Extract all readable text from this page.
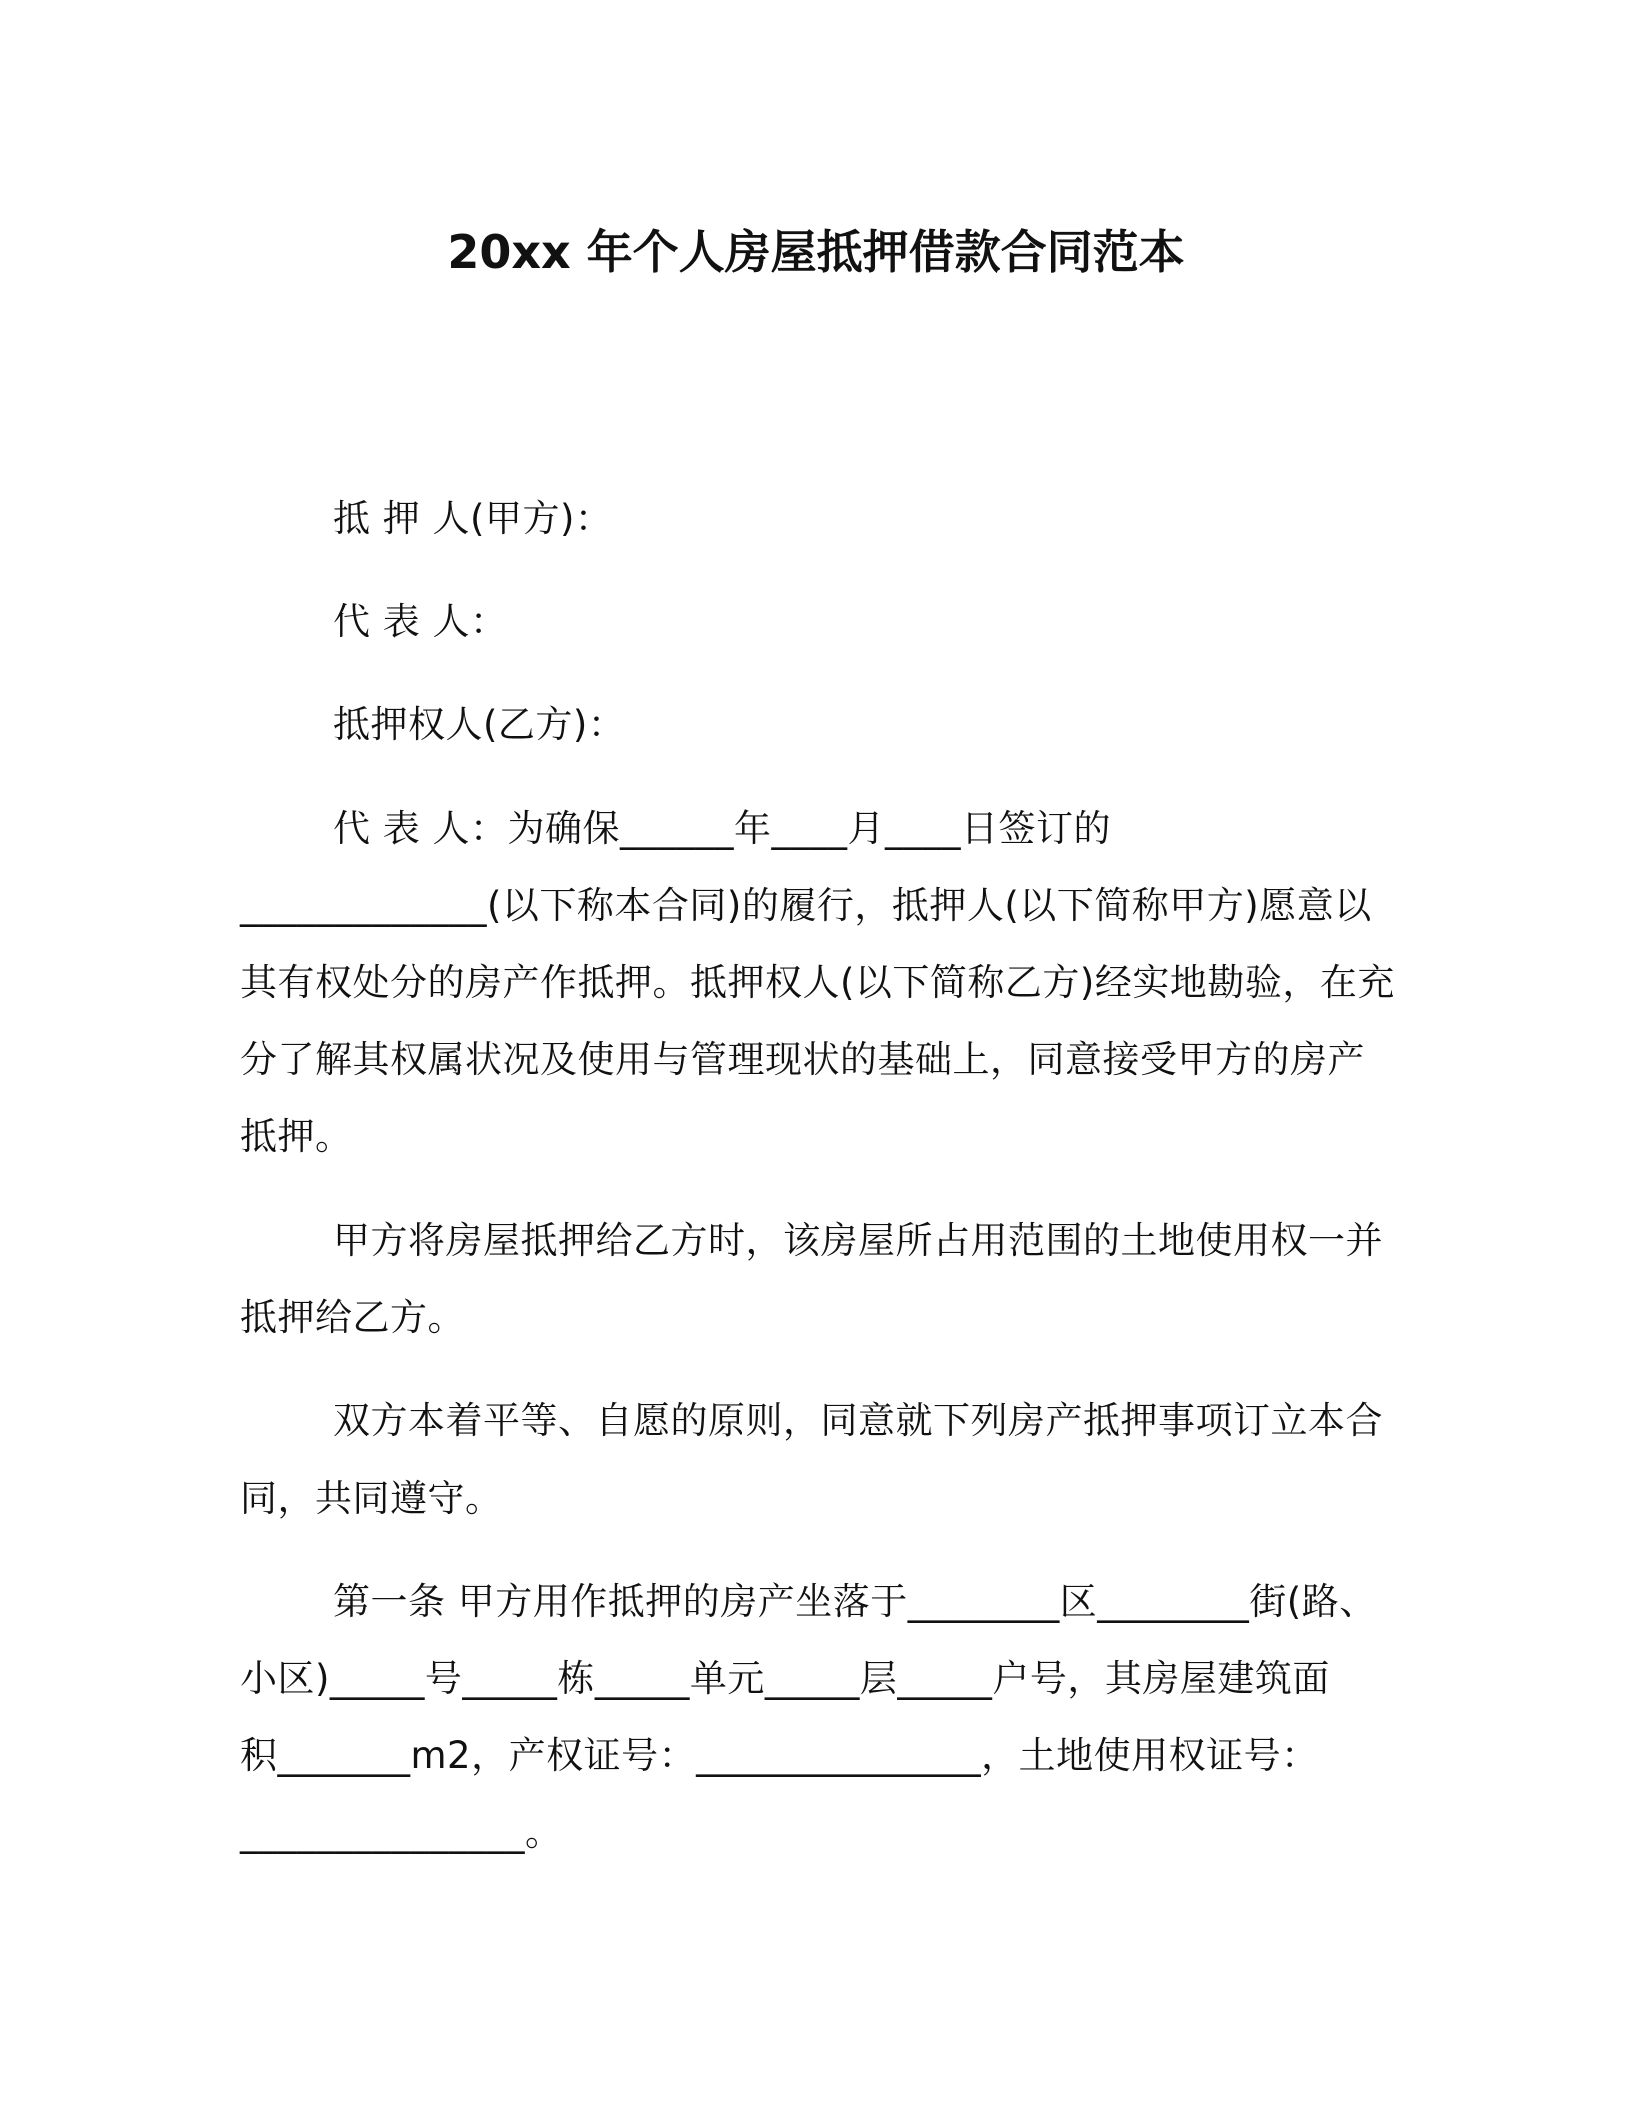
20xx 年个人房屋抵押借款合同范本
抵 押 人(甲方)：
代 表 人：
抵押权人(乙方)：
代 表 人：为确保______年____月____日签订的
_____________(以下称本合同)的履行，抵押人(以下简称甲方)愿意以
其有权处分的房产作抵押。抵押权人(以下简称乙方)经实地勘验，在充
分了解其权属状况及使用与管理现状的基础上，同意接受甲方的房产
抵押。
甲方将房屋抵押给乙方时，该房屋所占用范围的土地使用权一并
抵押给乙方。
双方本着平等、自愿的原则，同意就下列房产抵押事项订立本合
同，共同遵守。
第一条 甲方用作抵押的房产坐落于________区________街(路、
小区)_____号_____栋_____单元_____层_____户号，其房屋建筑面
积_______m2，产权证号：_______________，土地使用权证号：
_______________。
